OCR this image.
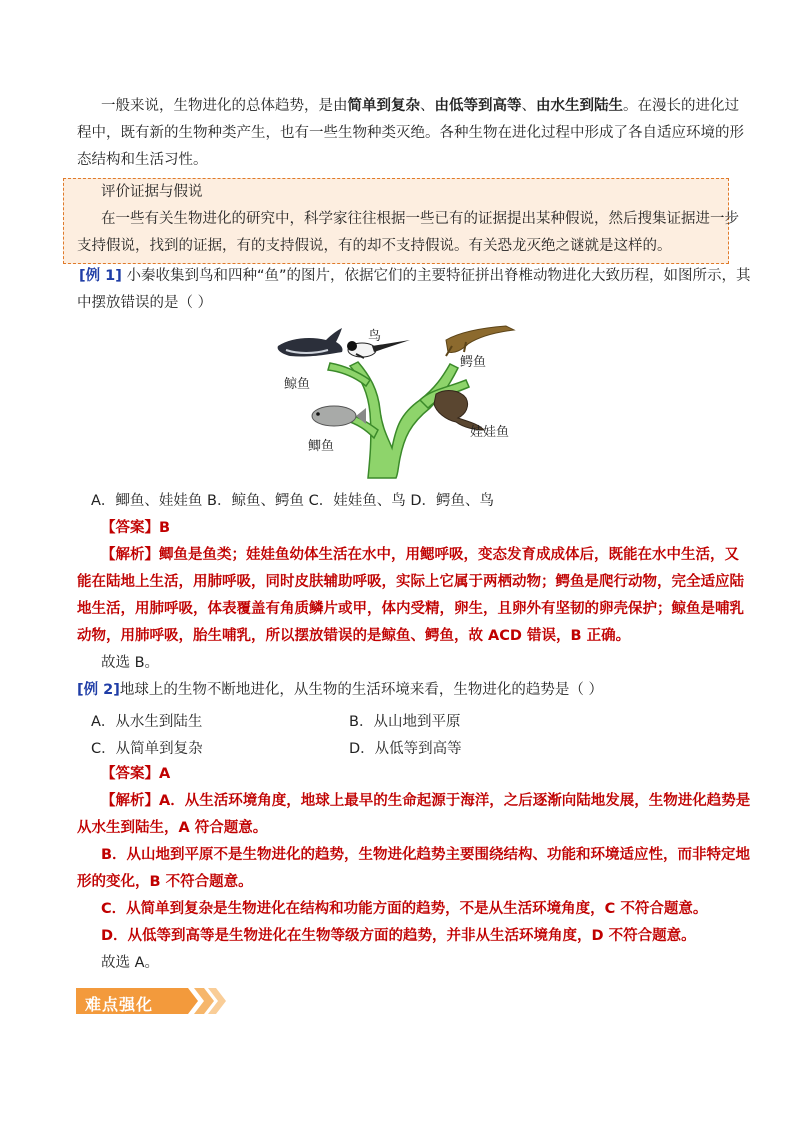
一般来说，生物进化的总体趋势，是由简单到复杂、由低等到高等、由水生到陆生。在漫长的进化过
程中，既有新的生物种类产生，也有一些生物种类灭绝。各种生物在进化过程中形成了各自适应环境的形
态结构和生活习性。
评价证据与假说
在一些有关生物进化的研究中，科学家往往根据一些已有的证据提出某种假说，然后搜集证据进一步
支持假说，找到的证据，有的支持假说，有的却不支持假说。有关恐龙灭绝之谜就是这样的。
[例 1] 小秦收集到鸟和四种“鱼”的图片，依据它们的主要特征拼出脊椎动物进化大致历程，如图所示，其
中摆放错误的是（ ）
鲸鱼
鸟
鳄鱼
鲫鱼
娃娃鱼
A．鲫鱼、娃娃鱼 B．鲸鱼、鳄鱼 C．娃娃鱼、鸟 D．鳄鱼、鸟
【答案】B
【解析】鲫鱼是鱼类；娃娃鱼幼体生活在水中，用鳃呼吸，变态发育成成体后，既能在水中生活，又
能在陆地上生活，用肺呼吸，同时皮肤辅助呼吸，实际上它属于两栖动物；鳄鱼是爬行动物，完全适应陆
地生活，用肺呼吸，体表覆盖有角质鳞片或甲，体内受精，卵生，且卵外有坚韧的卵壳保护；鲸鱼是哺乳
动物，用肺呼吸，胎生哺乳，所以摆放错误的是鲸鱼、鳄鱼，故 ACD 错误，B 正确。
故选 B。
[例 2]地球上的生物不断地进化，从生物的生活环境来看，生物进化的趋势是（ ）
A．从水生到陆生	B．从山地到平原
C．从简单到复杂	D．从低等到高等
【答案】A
【解析】A．从生活环境角度，地球上最早的生命起源于海洋，之后逐渐向陆地发展，生物进化趋势是
从水生到陆生，A 符合题意。
B．从山地到平原不是生物进化的趋势，生物进化趋势主要围绕结构、功能和环境适应性，而非特定地
形的变化，B 不符合题意。
C．从简单到复杂是生物进化在结构和功能方面的趋势，不是从生活环境角度，C 不符合题意。
D．从低等到高等是生物进化在生物等级方面的趋势，并非从生活环境角度，D 不符合题意。
故选 A。
难点强化
